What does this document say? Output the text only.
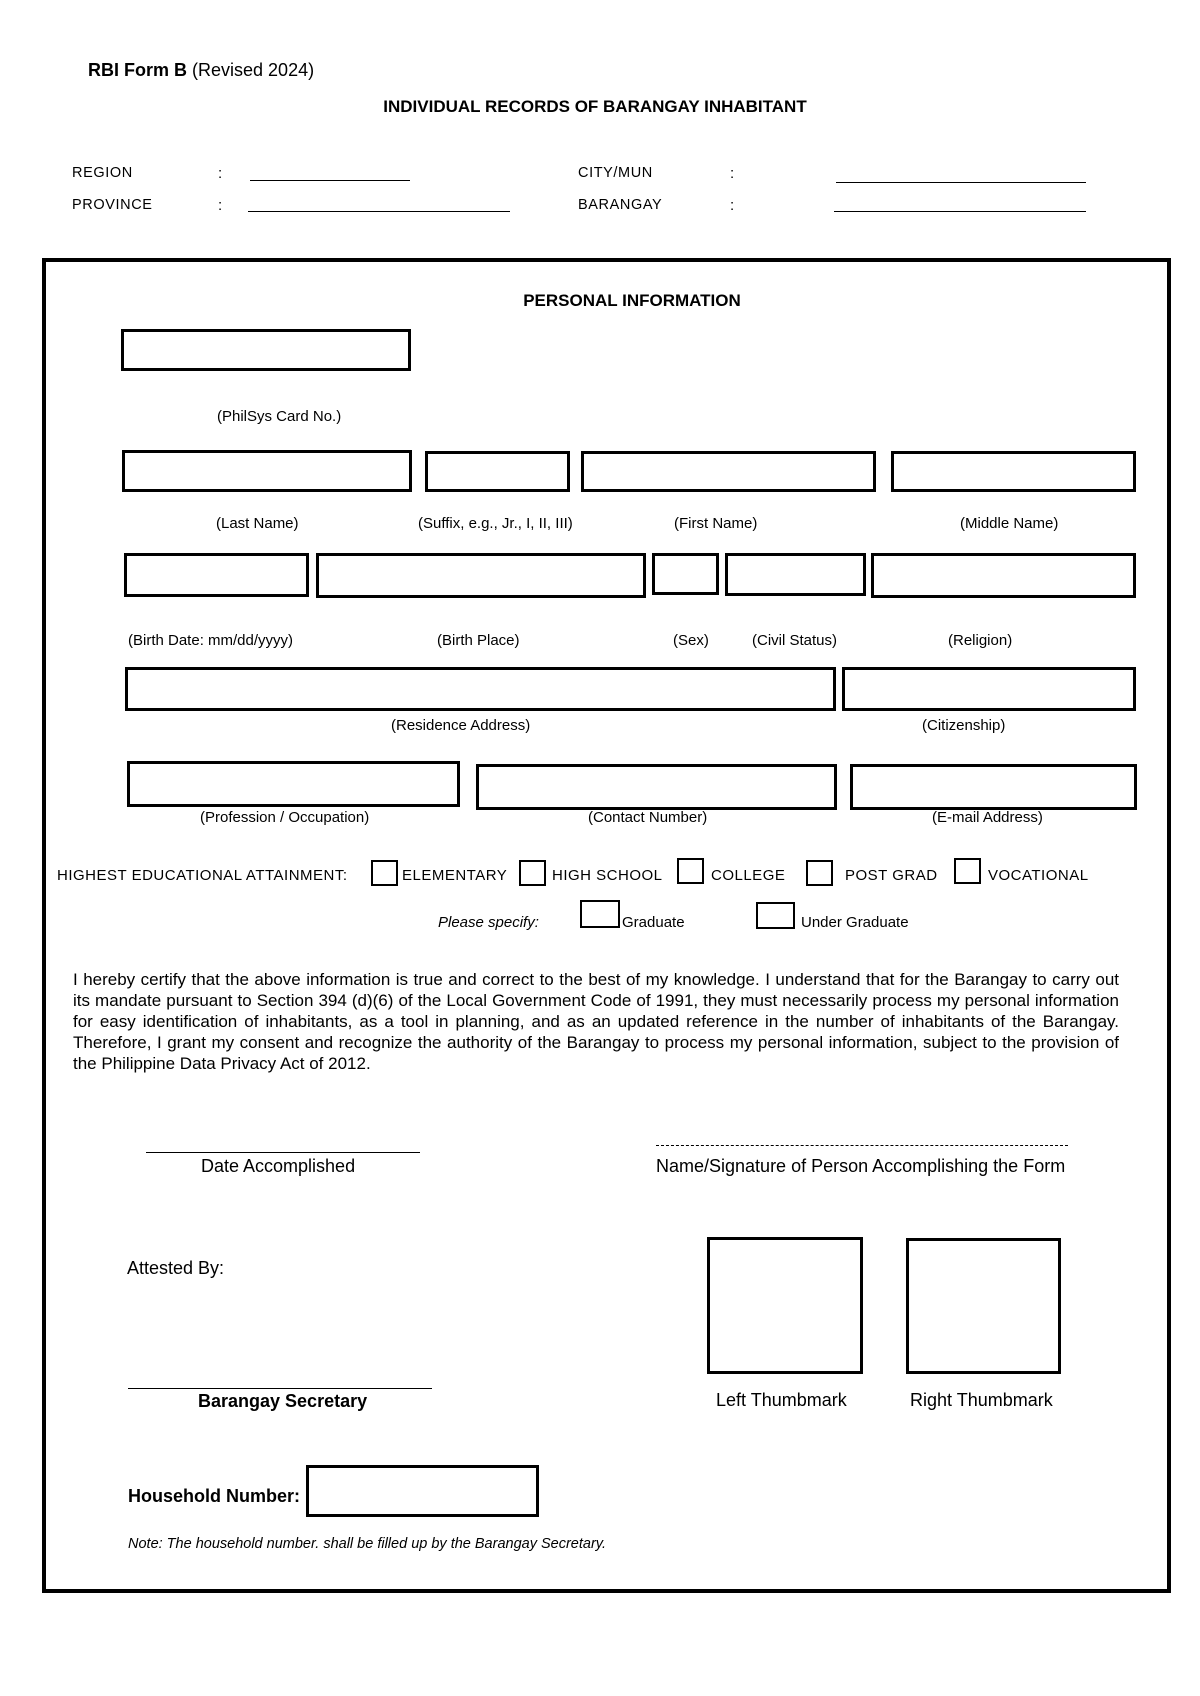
RBI Form B (Revised 2024)
INDIVIDUAL RECORDS OF BARANGAY INHABITANT
REGION	:
PROVINCE	:
CITY/MUN	:
BARANGAY	:
PERSONAL INFORMATION
(PhilSys Card No.)
(Last Name)	(Suffix, e.g., Jr., I, II, III)	(First Name)	(Middle Name)
(Birth Date: mm/dd/yyyy)	(Birth Place)	(Sex)	(Civil Status)	(Religion)
(Residence Address)	(Citizenship)
(Profession / Occupation)	(Contact Number)	(E-mail Address)
HIGHEST EDUCATIONAL ATTAINMENT:	ELEMENTARY	HIGH SCHOOL	COLLEGE	POST GRAD	VOCATIONAL
Please specify:	Graduate	Under Graduate
I hereby certify that the above information is true and correct to the best of my knowledge. I understand that for the Barangay to carry out its mandate pursuant to Section 394 (d)(6) of the Local Government Code of 1991, they must necessarily process my personal information for easy identification of inhabitants, as a tool in planning, and as an updated reference in the number of inhabitants of the Barangay. Therefore, I grant my consent and recognize the authority of the Barangay to process my personal information, subject to the provision of the Philippine Data Privacy Act of 2012.
Date Accomplished	Name/Signature of Person Accomplishing the Form
Attested By:
Left Thumbmark	Right Thumbmark
Barangay Secretary
Household Number:
Note: The household number. shall be filled up by the Barangay Secretary.
